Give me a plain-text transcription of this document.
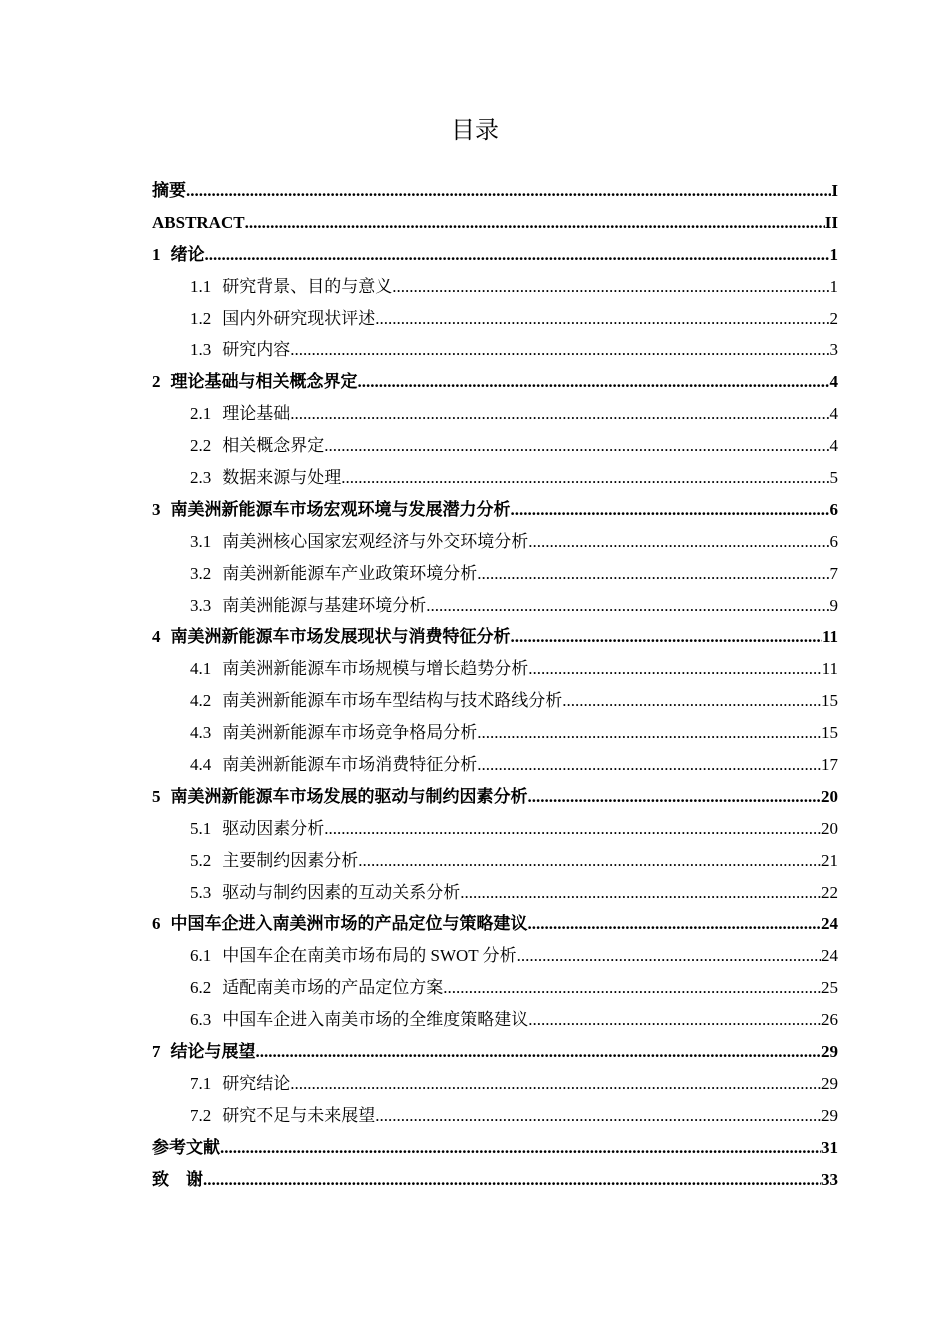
目录
摘要 .....	I
ABSTRACT .....	II
1 绪论 .....	1
1.1 研究背景、目的与意义 .....	1
1.2 国内外研究现状评述 .....	2
1.3 研究内容 .....	3
2 理论基础与相关概念界定 .....	4
2.1 理论基础 .....	4
2.2 相关概念界定 .....	4
2.3 数据来源与处理 .....	5
3 南美洲新能源车市场宏观环境与发展潜力分析 .....	6
3.1 南美洲核心国家宏观经济与外交环境分析 .....	6
3.2 南美洲新能源车产业政策环境分析 .....	7
3.3 南美洲能源与基建环境分析 .....	9
4 南美洲新能源车市场发展现状与消费特征分析 .....	11
4.1 南美洲新能源车市场规模与增长趋势分析 .....	11
4.2 南美洲新能源车市场车型结构与技术路线分析 .....	15
4.3 南美洲新能源车市场竞争格局分析 .....	15
4.4 南美洲新能源车市场消费特征分析 .....	17
5 南美洲新能源车市场发展的驱动与制约因素分析 .....	20
5.1 驱动因素分析 .....	20
5.2 主要制约因素分析 .....	21
5.3 驱动与制约因素的互动关系分析 .....	22
6 中国车企进入南美洲市场的产品定位与策略建议 .....	24
6.1 中国车企在南美市场布局的 SWOT 分析 .....	24
6.2 适配南美市场的产品定位方案 .....	25
6.3 中国车企进入南美市场的全维度策略建议 .....	26
7 结论与展望 .....	29
7.1 研究结论 .....	29
7.2 研究不足与未来展望 .....	29
参考文献 .....	31
致　谢 .....	33
